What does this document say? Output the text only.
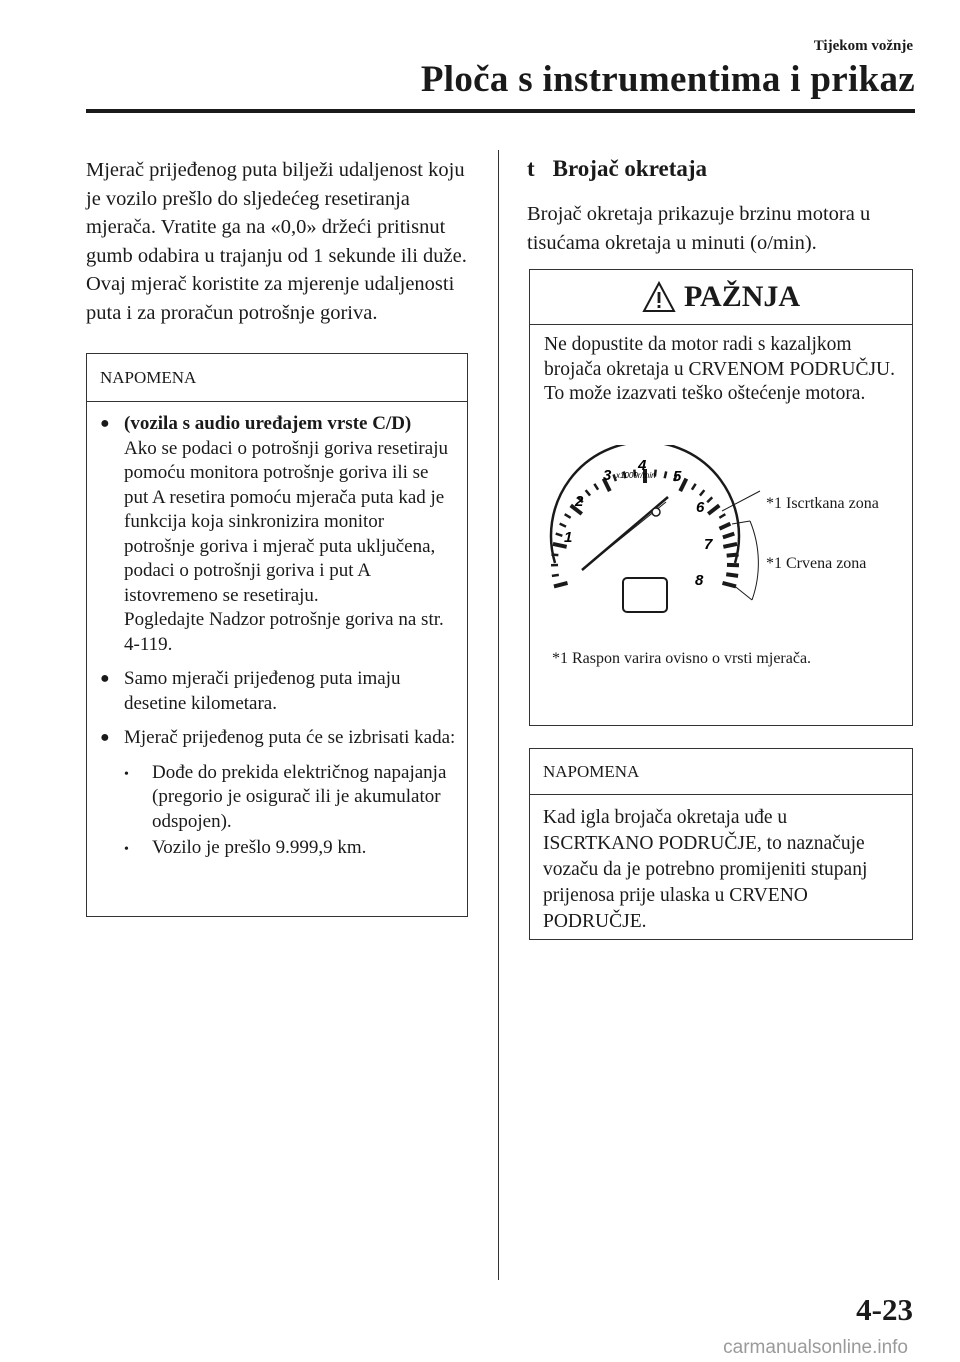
Tijekom vožnje
Ploča s instrumentima i prikaz
Mjerač prijeđenog puta bilježi udaljenost koju je vozilo prešlo do sljedećeg resetiranja mjerača. Vratite ga na «0,0» držeći pritisnut gumb odabira u trajanju od 1 sekunde ili duže. Ovaj mjerač koristite za mjerenje udaljenosti puta i za proračun potrošnje goriva.
NAPOMENA
● (vozila s audio uređajem vrste C/D)

Ako se podaci o potrošnji goriva resetiraju pomoću monitora potrošnje goriva ili se put A resetira pomoću mjerača puta kad je funkcija koja sinkronizira monitor potrošnje goriva i mjerač puta uključena, podaci o potrošnji goriva i put A istovremeno se resetiraju.

Pogledajte Nadzor potrošnje goriva na str. 4-119.

● Samo mjerači prijeđenog puta imaju desetine kilometara.

● Mjerač prijeđenog puta će se izbrisati kada:

•	Dođe do prekida električnog napajanja (pregorio je osigurač ili je akumulator odspojen).
•	Vozilo je prešlo 9.999,9 km.
t Brojač okretaja
Brojač okretaja prikazuje brzinu motora u tisućama okretaja u minuti (o/min).
PAŽNJA
Ne dopustite da motor radi s kazaljkom brojača okretaja u CRVENOM PODRUČJU.
To može izazvati teško oštećenje motora.
x1000r/min
1
2
3
4
5
6
7
8
*1 Iscrtkana zona
*1 Crvena zona
*1 Raspon varira ovisno o vrsti mjerača.
NAPOMENA
Kad igla brojača okretaja uđe u ISCRTKANO PODRUČJE, to naznačuje vozaču da je potrebno promijeniti stupanj prijenosa prije ulaska u CRVENO PODRUČJE.
4-23
carmanualsonline.info
